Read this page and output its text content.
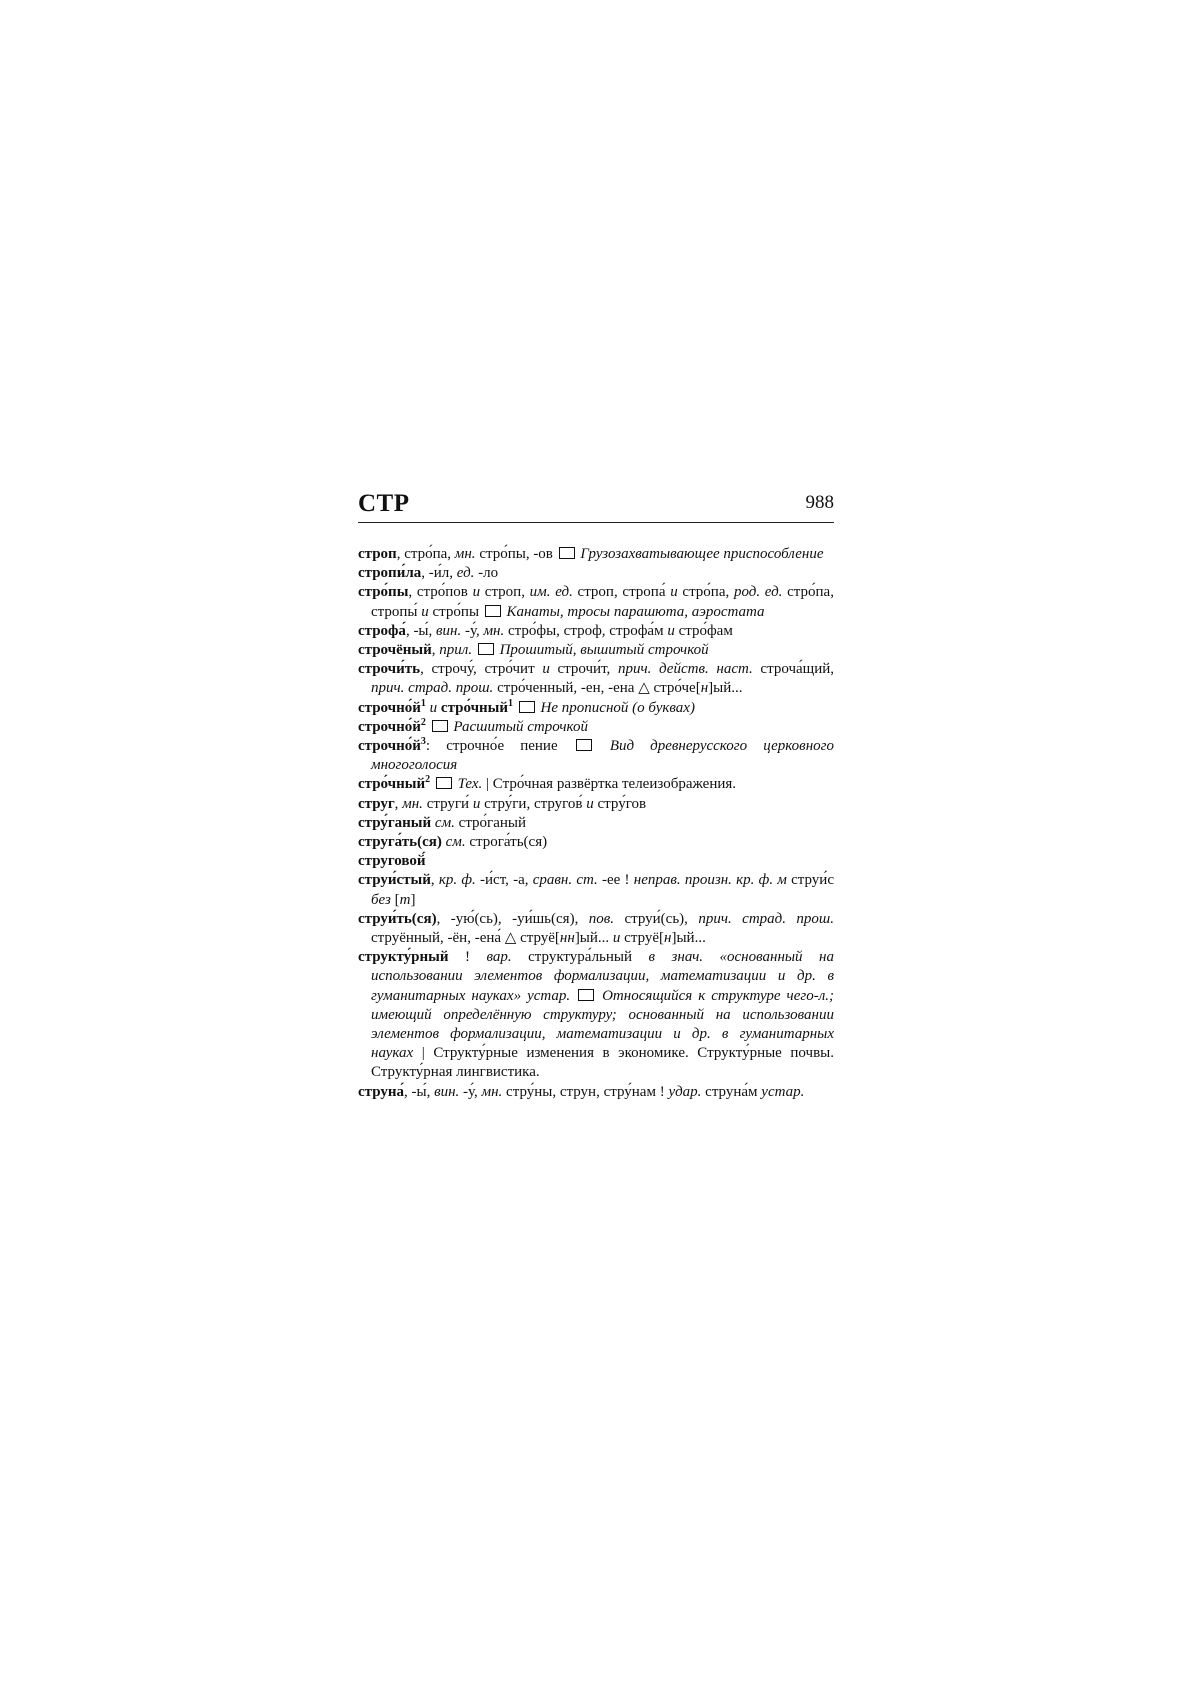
СТР	988

строп, стро́па, мн. стро́пы, -ов  Грузозахватывающее приспособление

стропи́ла, -и́л, ед. -ло

стро́пы, стро́пов и строп, им. ед. строп, стропа́ и стро́па, род. ед. стро́па, стропы́ и стро́пы  Канаты, тросы парашюта, аэростата

строфа́, -ы́, вин. -у́, мн. стро́фы, строф, строфа́м и стро́фам

строчёный, прил. Прошитый, вышитый строчкой

строчи́ть, строчу́, стро́чит и строчи́т, прич. действ. наст. строча́щий, прич. страд. прош. стро́ченный, -ен, -ена △ стро́че[н]ый...

$строчно́й^1$ и стро́чный$^1$ Не прописной (о буквах)

$строчно́й^2$ Расшитый строчкой

$строчно́й^3$: строчно́е пение  Вид древнерусского церковного многоголосия

стро́чный$^2$ Тех. | Стро́чная развёртка телеизображения.

струг, мн. струги́ и стру́ги, стругов́ и стру́гов

стру́ганый см. стро́ганый

струга́ть(ся) см. строга́ть(ся)

струговой́

струи́стый, кр. ф. -и́ст, -а, сравн. ст. -ее ! неправ. произн. кр. ф. м струи́с без [т]

струи́ть(ся), -ую́(сь), -уи́шь(ся), пов. струи́(сь), прич. страд. прош. струённый, -ён, -ена́ △ струё[нн]ый... и струё[н]ый...

структу́рный ! вар. структура́льный в знач. «основанный на использовании элементов формализации, математизации и др. в гуманитарных науках» устар. Относящийся к структуре чего-л.; имеющий определённую структуру; основанный на использовании элементов формализации, математизации и др. в гуманитарных науках | Структу́рные изменения в экономике. Структу́рные почвы. Структу́рная лингвистика.

струна́, -ы́, вин. -у́, мн. стру́ны, струн, стру́нам ! удар. струна́м устар.
